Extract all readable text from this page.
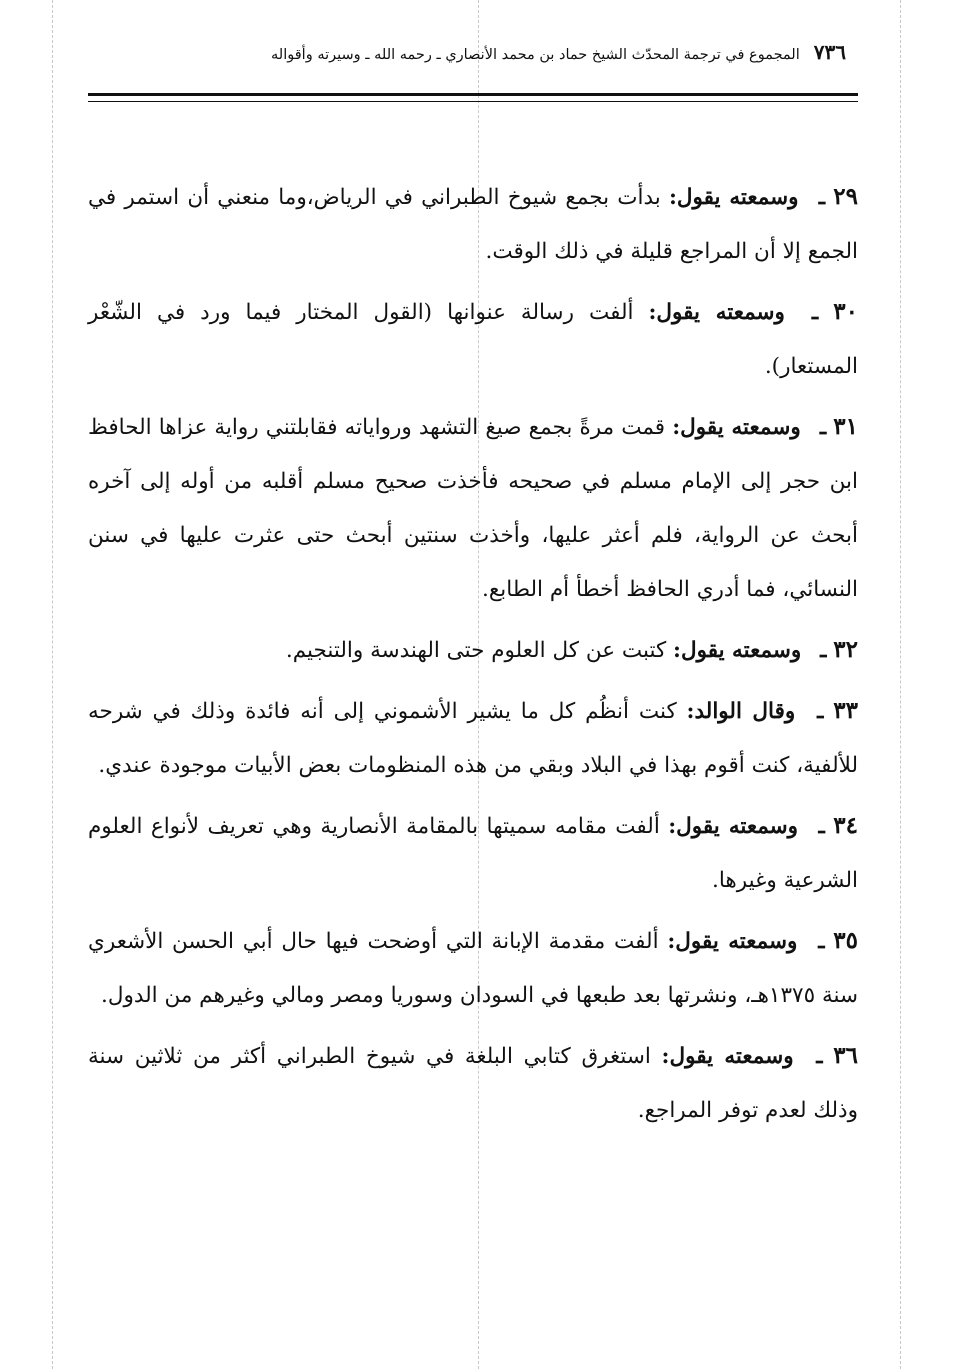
٧٣٦
المجموع في ترجمة المحدّث الشيخ حماد بن محمد الأنصاري ـ رحمه الله ـ وسيرته وأقواله

٢٩ ـ وسمعته يقول: بدأت بجمع شيوخ الطبراني في الرياض،وما منعني أن استمر في الجمع إلا أن المراجع قليلة في ذلك الوقت.

٣٠ ـ وسمعته يقول: ألفت رسالة عنوانها (القول المختار فيما ورد في الشّعْر المستعار).

٣١ ـ وسمعته يقول: قمت مرةً بجمع صيغ التشهد ورواياته فقابلتني رواية عزاها الحافظ ابن حجر إلى الإمام مسلم في صحيحه فأخذت صحيح مسلم أقلبه من أوله إلى آخره أبحث عن الرواية، فلم أعثر عليها، وأخذت سنتين أبحث حتى عثرت عليها في سنن النسائي، فما أدري الحافظ أخطأ أم الطابع.

٣٢ ـ وسمعته يقول: كتبت عن كل العلوم حتى الهندسة والتنجيم.

٣٣ ـ وقال الوالد: كنت أنظُم كل ما يشير الأشموني إلى أنه فائدة وذلك في شرحه للألفية، كنت أقوم بهذا في البلاد وبقي من هذه المنظومات بعض الأبيات موجودة عندي.

٣٤ ـ وسمعته يقول: ألفت مقامه سميتها بالمقامة الأنصارية وهي تعريف لأنواع العلوم الشرعية وغيرها.

٣٥ ـ وسمعته يقول: ألفت مقدمة الإبانة التي أوضحت فيها حال أبي الحسن الأشعري سنة ١٣٧٥هـ، ونشرتها بعد طبعها في السودان وسوريا ومصر ومالي وغيرهم من الدول.

٣٦ ـ وسمعته يقول: استغرق كتابي البلغة في شيوخ الطبراني أكثر من ثلاثين سنة وذلك لعدم توفر المراجع.
